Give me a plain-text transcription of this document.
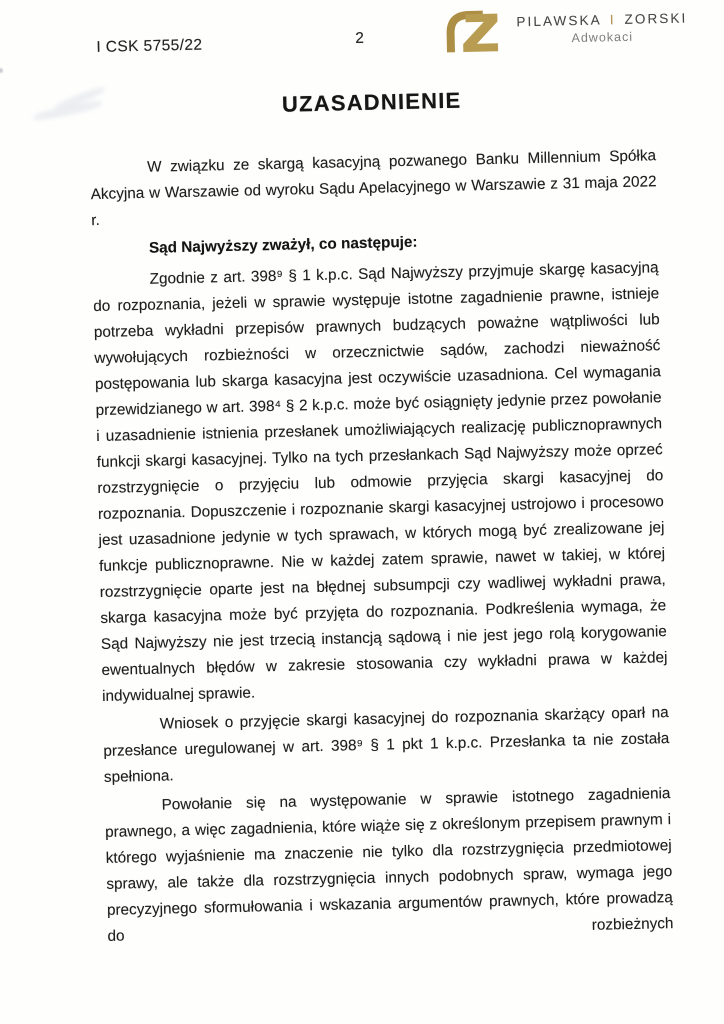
I CSK 5755/22	2
PILAWSKA I ZORSKI
Adwokaci
UZASADNIENIE

W związku ze skargą kasacyjną pozwanego Banku Millennium Spółka Akcyjna w Warszawie od wyroku Sądu Apelacyjnego w Warszawie z 31 maja 2022 r.

Sąd Najwyższy zważył, co następuje:

Zgodnie z art. 398⁹ § 1 k.p.c. Sąd Najwyższy przyjmuje skargę kasacyjną do rozpoznania, jeżeli w sprawie występuje istotne zagadnienie prawne, istnieje potrzeba wykładni przepisów prawnych budzących poważne wątpliwości lub wywołujących rozbieżności w orzecznictwie sądów, zachodzi nieważność postępowania lub skarga kasacyjna jest oczywiście uzasadniona. Cel wymagania przewidzianego w art. 398⁴ § 2 k.p.c. może być osiągnięty jedynie przez powołanie i uzasadnienie istnienia przesłanek umożliwiających realizację publicznoprawnych funkcji skargi kasacyjnej. Tylko na tych przesłankach Sąd Najwyższy może oprzeć rozstrzygnięcie o przyjęciu lub odmowie przyjęcia skargi kasacyjnej do rozpoznania. Dopuszczenie i rozpoznanie skargi kasacyjnej ustrojowo i procesowo jest uzasadnione jedynie w tych sprawach, w których mogą być zrealizowane jej funkcje publicznoprawne. Nie w każdej zatem sprawie, nawet w takiej, w której rozstrzygnięcie oparte jest na błędnej subsumpcji czy wadliwej wykładni prawa, skarga kasacyjna może być przyjęta do rozpoznania. Podkreślenia wymaga, że Sąd Najwyższy nie jest trzecią instancją sądową i nie jest jego rolą korygowanie ewentualnych błędów w zakresie stosowania czy wykładni prawa w każdej indywidualnej sprawie.

Wniosek o przyjęcie skargi kasacyjnej do rozpoznania skarżący oparł na przesłance uregulowanej w art. 398⁹ § 1 pkt 1 k.p.c. Przesłanka ta nie została spełniona.

Powołanie się na występowanie w sprawie istotnego zagadnienia prawnego, a więc zagadnienia, które wiąże się z określonym przepisem prawnym i którego wyjaśnienie ma znaczenie nie tylko dla rozstrzygnięcia przedmiotowej sprawy, ale także dla rozstrzygnięcia innych podobnych spraw, wymaga jego precyzyjnego sformułowania i wskazania argumentów prawnych, które prowadzą do rozbieżnych
